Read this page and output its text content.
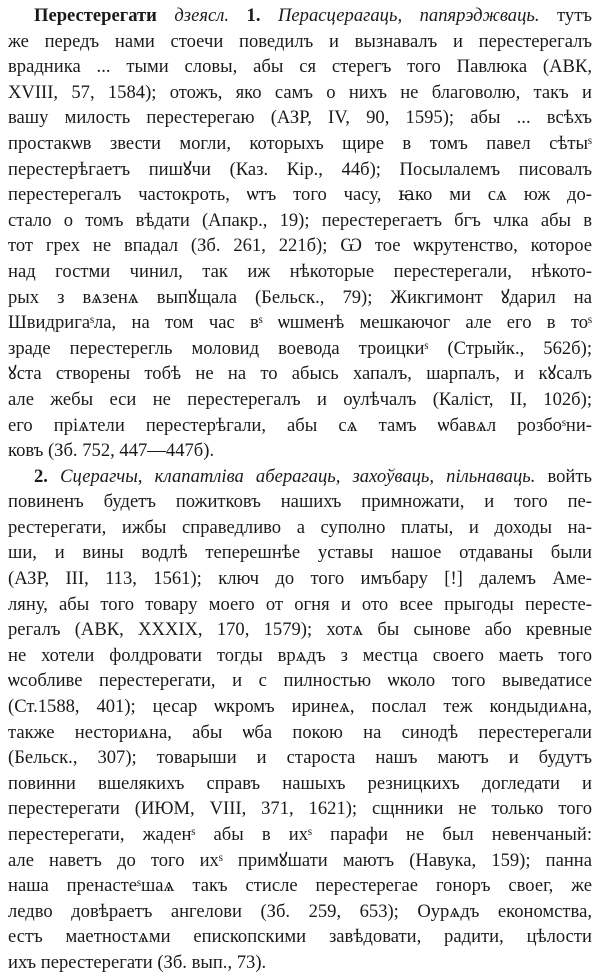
Перестерегати дзеясл. 1. Перасцерагаць, папярэджваць. тутъ
же передъ нами стоечи поведилъ и вызнавалъ и перестерегалъ
врадника ... тыми словы, абы ся стерегъ того Павлюка (АВК,
XVIII, 57, 1584); отожъ, яко самъ о нихъ не благоволю, такъ и
вашу милость перестерегаю (АЗР, IV, 90, 1595); абы ... всѣхъ
простакѡв звести могли, которыхъ щире в томъ павел сѣтыˢ
перестерѣгаетъ пишꙋчи (Каз. Кір., 44б); Посылалемъ писовалъ
перестерегалъ частокроть, ѡтъ того часу, ꙗко ми сѧ юж до-
стало о томъ вѣдати (Апакр., 19); перестерегаетъ бгъ члка абы в
тот грех не впадал (Зб. 261, 221б); Ѡ тое ѡкрутенство, которое
над гостми чинил, так иж нѣкоторые перестерегали, нѣкото-
рых з вѧзенѧ выпꙋщала (Бельск., 79); Жикгимонт ꙋдарил на
Швидригаˢла, на том час вˢ ѡшменѣ мешкаючог але его в тоˢ
зраде перестерегль моловид воевода троицкиˢ (Стрыйк., 562б);
ꙋста створены тобѣ не на то абысь хапалъ, шарпалъ, и кꙋсалъ
але жебы еси не перестерегалъ и оулѣчалъ (Каліст, II, 102б);
его пріѧтели перестерѣгали, абы сѧ тамъ ѡбавѧл розбоˢни-
ковъ (Зб. 752, 447—447б).
2. Сцерагчы, клапатліва аберагаць, захоўваць, пільнаваць. войть
повиненъ будетъ пожитковъ нашихъ примножати, и того пе-
рестерегати, ижбы справедливо а суполно платы, и доходы на-
ши, и вины водлѣ теперешнѣе уставы нашое отдаваны были
(АЗР, III, 113, 1561); ключ до того имъбару [!] далемъ Аме-
ляну, абы того товару моего от огня и ото всее прыгоды пересте-
регалъ (АВК, XXXIX, 170, 1579); хотѧ бы сынове або кревные
не хотели фолдровати тогды врѧдъ з местца своего маеть того
ѡсобливе перестерегати, и с пилностью ѡколо того выведатисе
(Ст.1588, 401); цесар ѡкромъ иринеѧ, послал теж кондыдиѧна,
также несториѧна, абы ѡба покою на синодѣ перестерегали
(Бельск., 307); товарыши и староста нашъ маютъ и будутъ
повинни вшелякихъ справъ нашыхъ резницкихъ догледати и
перестерегати (ИЮМ, VIII, 371, 1621); сщнники не только того
перестерегати, жаденˢ абы в ихˢ парафи не был невенчаный:
але наветъ до того ихˢ примꙋшати маютъ (Навука, 159); панна
наша пренастеˢшаѧ такъ стисле перестерегае гоноръ своег, же
ледво довѣраетъ ангелови (Зб. 259, 653); Оурѧдъ економства,
естъ маетностѧми епископскими завѣдовати, радити, цѣлости
ихъ перестерегати (Зб. вып., 73).
